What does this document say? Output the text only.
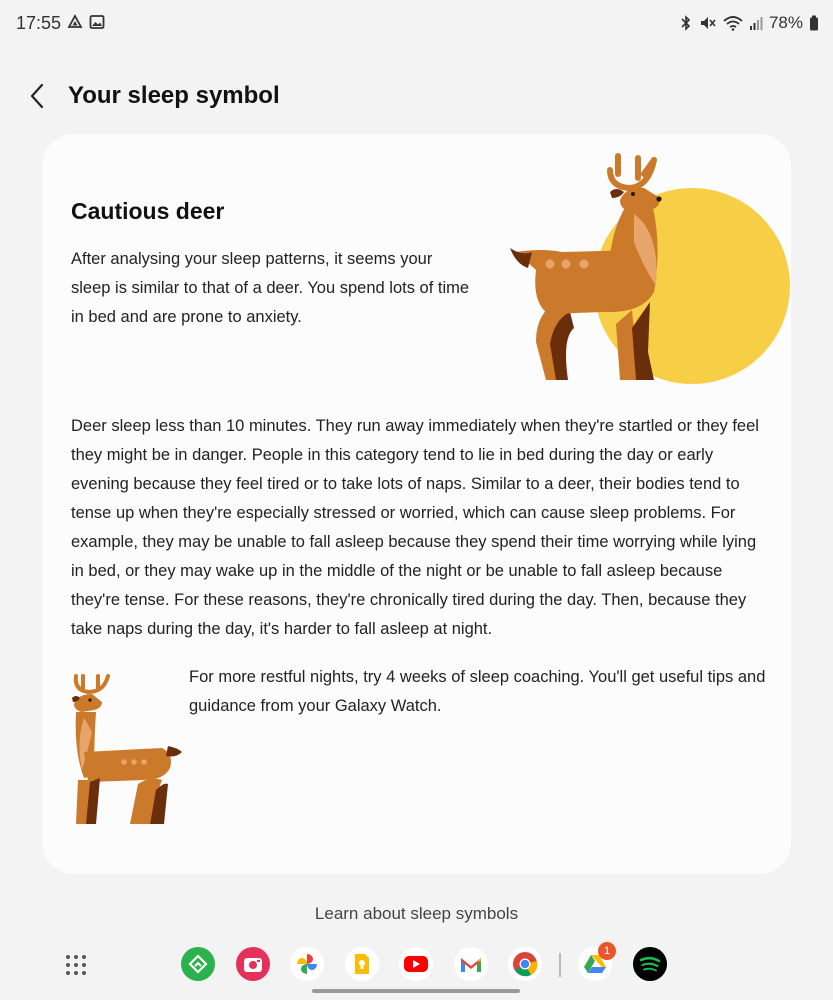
17:55	78%
Your sleep symbol
Cautious deer
After analysing your sleep patterns, it seems your sleep is similar to that of a deer. You spend lots of time in bed and are prone to anxiety.
Deer sleep less than 10 minutes. They run away immediately when they're startled or they feel they might be in danger. People in this category tend to lie in bed during the day or early evening because they feel tired or to take lots of naps. Similar to a deer, their bodies tend to tense up when they're especially stressed or worried, which can cause sleep problems. For example, they may be unable to fall asleep because they spend their time worrying while lying in bed, or they may wake up in the middle of the night or be unable to fall asleep because they're tense. For these reasons, they're chronically tired during the day. Then, because they take naps during the day, it's harder to fall asleep at night.
For more restful nights, try 4 weeks of sleep coaching. You'll get useful tips and guidance from your Galaxy Watch.
Learn about sleep symbols
1
